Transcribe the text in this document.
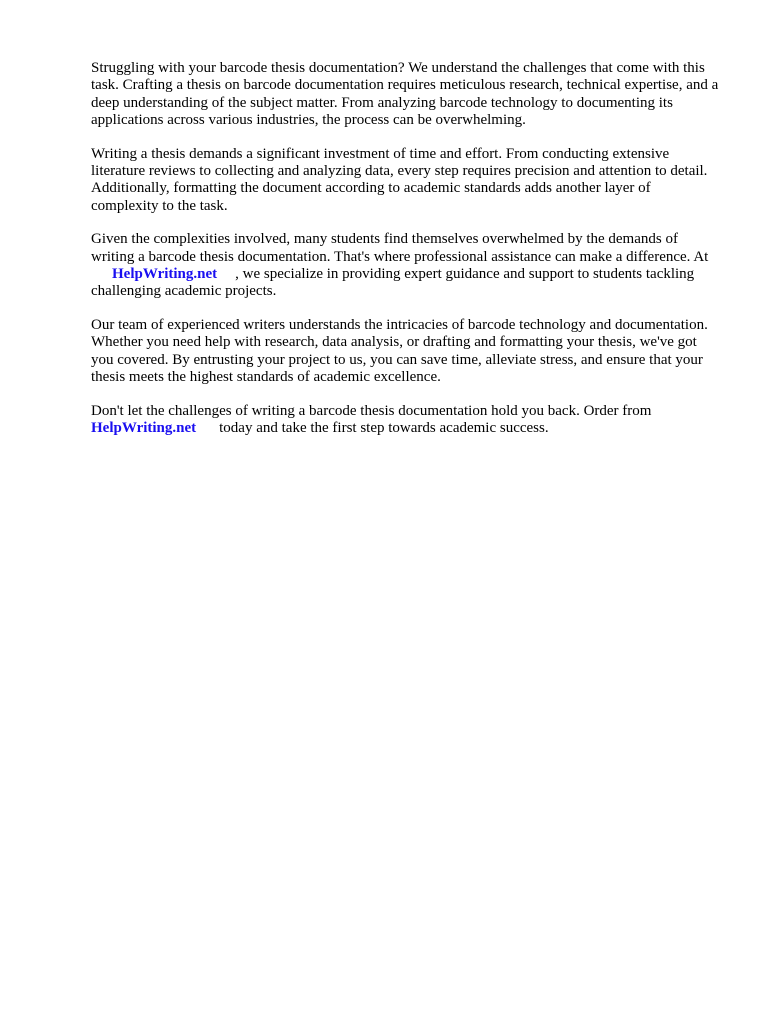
Struggling with your barcode thesis documentation? We understand the challenges that come with this task. Crafting a thesis on barcode documentation requires meticulous research, technical expertise, and a deep understanding of the subject matter. From analyzing barcode technology to documenting its applications across various industries, the process can be overwhelming.

Writing a thesis demands a significant investment of time and effort. From conducting extensive literature reviews to collecting and analyzing data, every step requires precision and attention to detail. Additionally, formatting the document according to academic standards adds another layer of complexity to the task.

Given the complexities involved, many students find themselves overwhelmed by the demands of writing a barcode thesis documentation. That's where professional assistance can make a difference. AtHelpWriting.net , we specialize in providing expert guidance and support to students tackling challenging academic projects.

Our team of experienced writers understands the intricacies of barcode technology and documentation. Whether you need help with research, data analysis, or drafting and formatting your thesis, we've got you covered. By entrusting your project to us, you can save time, alleviate stress, and ensure that your thesis meets the highest standards of academic excellence.

Don't let the challenges of writing a barcode thesis documentation hold you back. Order from HelpWriting.net today and take the first step towards academic success.
